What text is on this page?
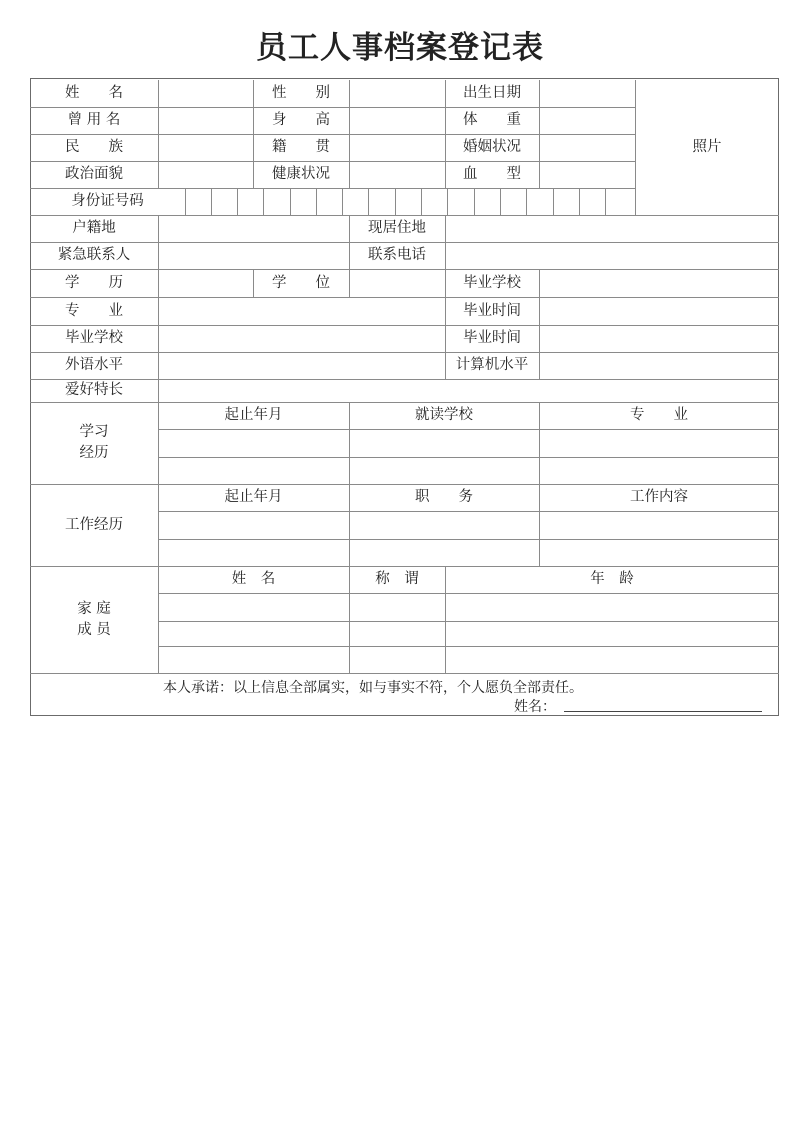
员工人事档案登记表
姓　　名	性　　别	出生日期
曾 用 名	身　　高	体　　重
民　　族	籍　　贯	婚姻状况
政治面貌	健康状况	血　　型
照片
身份证号码
户籍地	现居住地
紧急联系人	联系电话
学　　历	学　　位	毕业学校
专　　业	毕业时间
毕业学校	毕业时间
外语水平	计算机水平
爱好特长
学习
经历
起止年月	就读学校	专　　业
工作经历
起止年月	职　　务	工作内容
家 庭
成 员
姓　名	称　谓	年　龄
本人承诺：以上信息全部属实，如与事实不符，个人愿负全部责任。
姓名：
